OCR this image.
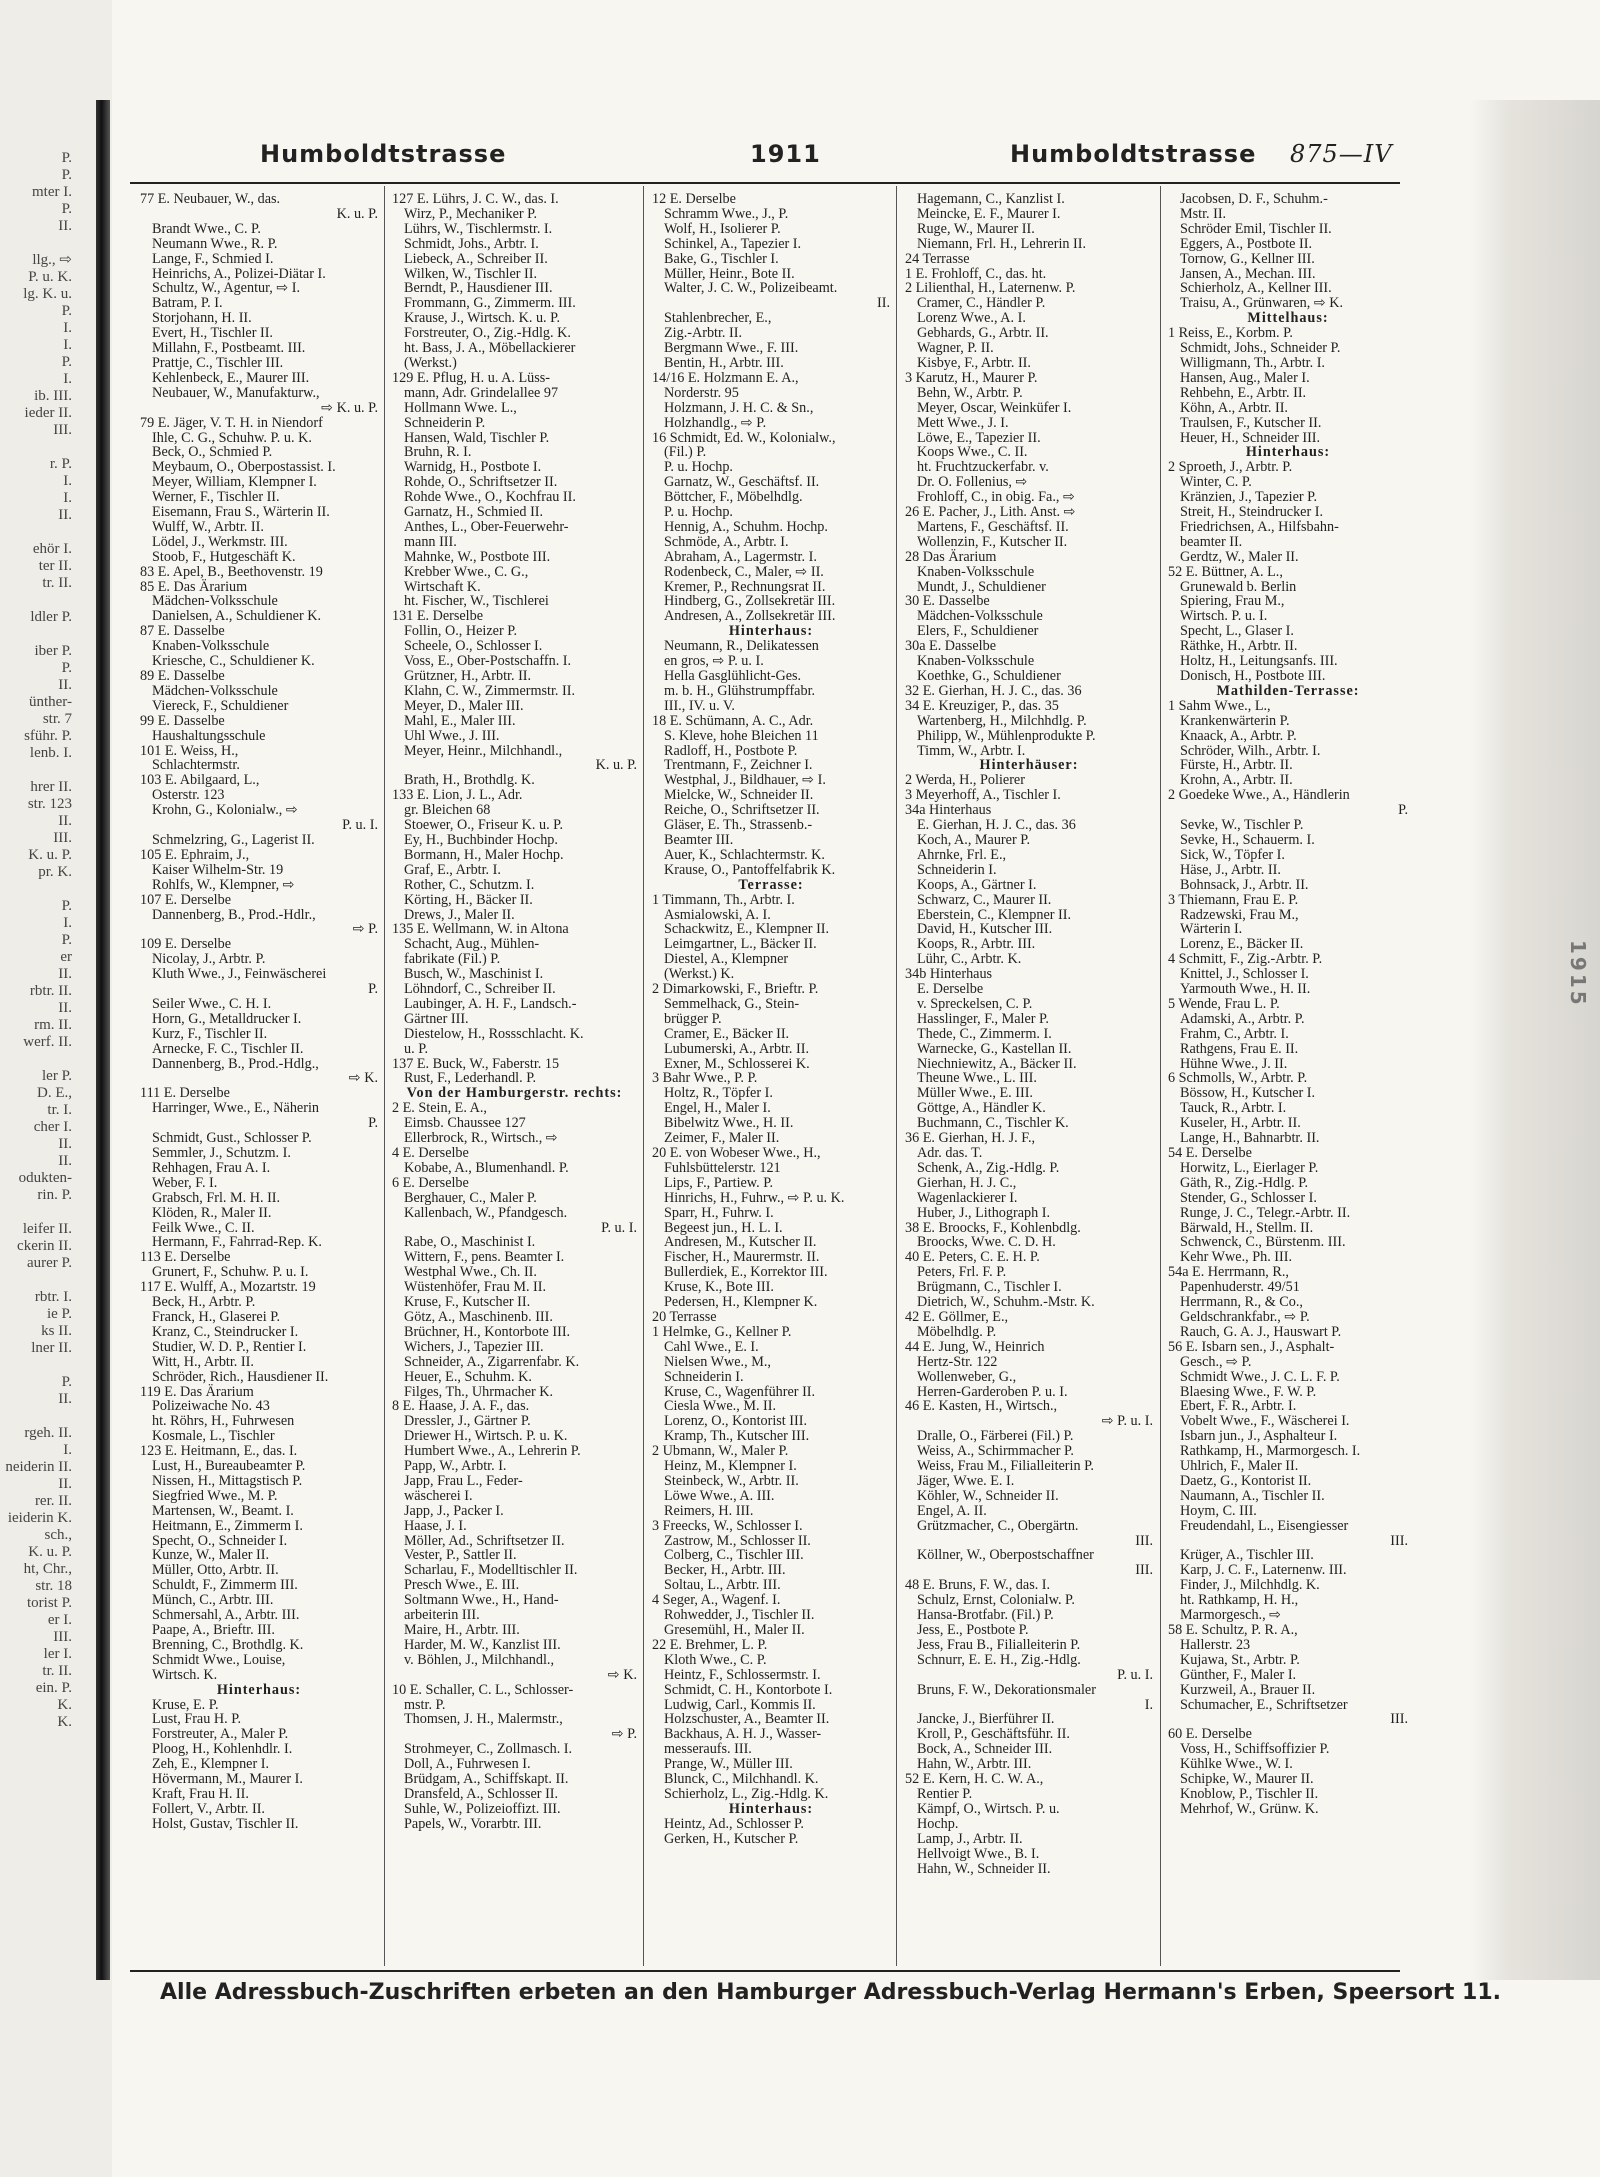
P.
P.
mter I.
P.
II.

llg., ⇨
P. u. K.
lg. K. u.
P.
I.
I.
P.
I.
ib. III.
ieder II.
III.

r. P.
I.
I.
II.

ehör I.
ter II.
tr. II.

ldler P.

iber P.
P.
II.
ünther-
str. 7
sführ. P.
lenb. I.

hrer II.
str. 123
II.
III.
K. u. P.
pr. K.

P.
I.
P.
er
II.
rbtr. II.
II.
rm. II.
werf. II.

ler P.
D. E.,
tr. I.
cher I.
II.
II.
odukten-
rin. P.

leifer II.
ckerin II.
aurer P.

rbtr. I.
ie P.
ks II.
lner II.

P.
II.

rgeh. II.
I.
neiderin II.
II.
rer. II.
ieiderin K.
sch.,
K. u. P.
ht, Chr.,
str. 18
torist P.
er I.
III.
ler I.
tr. II.
ein. P.
K.
K.
1915
Humboldtstrasse	1911	Humboldtstrasse 875—IV
77 E. Neubauer, W., das.
K. u. P.
Brandt Wwe., C. P.
Neumann Wwe., R. P.
Lange, F., Schmied I.
Heinrichs, A., Polizei-Diätar I.
Schultz, W., Agentur, ⇨ I.
Batram, P. I.
Storjohann, H. II.
Evert, H., Tischler II.
Millahn, F., Postbeamt. III.
Prattje, C., Tischler III.
Kehlenbeck, E., Maurer III.
Neubauer, W., Manufakturw.,
⇨ K. u. P.
79 E. Jäger, V. T. H. in Niendorf
Ihle, C. G., Schuhw. P. u. K.
Beck, O., Schmied P.
Meybaum, O., Oberpostassist. I.
Meyer, William, Klempner I.
Werner, F., Tischler II.
Eisemann, Frau S., Wärterin II.
Wulff, W., Arbtr. II.
Lödel, J., Werkmstr. III.
Stoob, F., Hutgeschäft K.
83 E. Apel, B., Beethovenstr. 19
85 E. Das Ärarium
Mädchen-Volksschule
Danielsen, A., Schuldiener K.
87 E. Dasselbe
Knaben-Volksschule
Kriesche, C., Schuldiener K.
89 E. Dasselbe
Mädchen-Volksschule
Viereck, F., Schuldiener
99 E. Dasselbe
Haushaltungsschule
101 E. Weiss, H.,
Schlachtermstr.
103 E. Abilgaard, L.,
Osterstr. 123
Krohn, G., Kolonialw., ⇨
P. u. I.
Schmelzring, G., Lagerist II.
105 E. Ephraim, J.,
Kaiser Wilhelm-Str. 19
Rohlfs, W., Klempner, ⇨
107 E. Derselbe
Dannenberg, B., Prod.-Hdlr.,
⇨ P.
109 E. Derselbe
Nicolay, J., Arbtr. P.
Kluth Wwe., J., Feinwäscherei
P.
Seiler Wwe., C. H. I.
Horn, G., Metalldrucker I.
Kurz, F., Tischler II.
Arnecke, F. C., Tischler II.
Dannenberg, B., Prod.-Hdlg.,
⇨ K.
111 E. Derselbe
Harringer, Wwe., E., Näherin
P.
Schmidt, Gust., Schlosser P.
Semmler, J., Schutzm. I.
Rehhagen, Frau A. I.
Weber, F. I.
Grabsch, Frl. M. H. II.
Klöden, R., Maler II.
Feilk Wwe., C. II.
Hermann, F., Fahrrad-Rep. K.
113 E. Derselbe
Grunert, F., Schuhw. P. u. I.
117 E. Wulff, A., Mozartstr. 19
Beck, H., Arbtr. P.
Franck, H., Glaserei P.
Kranz, C., Steindrucker I.
Studier, W. D. P., Rentier I.
Witt, H., Arbtr. II.
Schröder, Rich., Hausdiener II.
119 E. Das Ärarium
Polizeiwache No. 43
ht. Röhrs, H., Fuhrwesen
Kosmale, L., Tischler
123 E. Heitmann, E., das. I.
Lust, H., Bureaubeamter P.
Nissen, H., Mittagstisch P.
Siegfried Wwe., M. P.
Martensen, W., Beamt. I.
Heitmann, E., Zimmerm I.
Specht, O., Schneider I.
Kunze, W., Maler II.
Müller, Otto, Arbtr. II.
Schuldt, F., Zimmerm III.
Münch, C., Arbtr. III.
Schmersahl, A., Arbtr. III.
Paape, A., Brieftr. III.
Brenning, C., Brothdlg. K.
Schmidt Wwe., Louise,
Wirtsch. K.
Hinterhaus:
Kruse, E. P.
Lust, Frau H. P.
Forstreuter, A., Maler P.
Ploog, H., Kohlenhdlr. I.
Zeh, E., Klempner I.
Hövermann, M., Maurer I.
Kraft, Frau H. II.
Follert, V., Arbtr. II.
Holst, Gustav, Tischler II.
127 E. Lührs, J. C. W., das. I.
Wirz, P., Mechaniker P.
Lührs, W., Tischlermstr. I.
Schmidt, Johs., Arbtr. I.
Liebeck, A., Schreiber II.
Wilken, W., Tischler II.
Berndt, P., Hausdiener III.
Frommann, G., Zimmerm. III.
Krause, J., Wirtsch. K. u. P.
Forstreuter, O., Zig.-Hdlg. K.
ht. Bass, J. A., Möbellackierer
(Werkst.)
129 E. Pflug, H. u. A. Lüss-
mann, Adr. Grindelallee 97
Hollmann Wwe. L.,
Schneiderin P.
Hansen, Wald, Tischler P.
Bruhn, R. I.
Warnidg, H., Postbote I.
Rohde, O., Schriftsetzer II.
Rohde Wwe., O., Kochfrau II.
Garnatz, H., Schmied II.
Anthes, L., Ober-Feuerwehr-
mann III.
Mahnke, W., Postbote III.
Krebber Wwe., C. G.,
Wirtschaft K.
ht. Fischer, W., Tischlerei
131 E. Derselbe
Follin, O., Heizer P.
Scheele, O., Schlosser I.
Voss, E., Ober-Postschaffn. I.
Grützner, H., Arbtr. II.
Klahn, C. W., Zimmermstr. II.
Meyer, D., Maler III.
Mahl, E., Maler III.
Uhl Wwe., J. III.
Meyer, Heinr., Milchhandl.,
K. u. P.
Brath, H., Brothdlg. K.
133 E. Lion, J. L., Adr.
gr. Bleichen 68
Stoewer, O., Friseur K. u. P.
Ey, H., Buchbinder Hochp.
Bormann, H., Maler Hochp.
Graf, E., Arbtr. I.
Rother, C., Schutzm. I.
Körting, H., Bäcker II.
Drews, J., Maler II.
135 E. Wellmann, W. in Altona
Schacht, Aug., Mühlen-
fabrikate (Fil.) P.
Busch, W., Maschinist I.
Löhndorf, C., Schreiber II.
Laubinger, A. H. F., Landsch.-
Gärtner III.
Diestelow, H., Rossschlacht. K.
u. P.
137 E. Buck, W., Faberstr. 15
Rust, F., Lederhandl. P.
Von der Hamburgerstr. rechts:
2 E. Stein, E. A.,
Eimsb. Chaussee 127
Ellerbrock, R., Wirtsch., ⇨
4 E. Derselbe
Kobabe, A., Blumenhandl. P.
6 E. Derselbe
Berghauer, C., Maler P.
Kallenbach, W., Pfandgesch.
P. u. I.
Rabe, O., Maschinist I.
Wittern, F., pens. Beamter I.
Westphal Wwe., Ch. II.
Wüstenhöfer, Frau M. II.
Kruse, F., Kutscher II.
Götz, A., Maschinenb. III.
Brüchner, H., Kontorbote III.
Wichers, J., Tapezier III.
Schneider, A., Zigarrenfabr. K.
Heuer, E., Schuhm. K.
Filges, Th., Uhrmacher K.
8 E. Haase, J. A. F., das.
Dressler, J., Gärtner P.
Driewer H., Wirtsch. P. u. K.
Humbert Wwe., A., Lehrerin P.
Papp, W., Arbtr. I.
Japp, Frau L., Feder-
wäscherei I.
Japp, J., Packer I.
Haase, J. I.
Möller, Ad., Schriftsetzer II.
Vester, P., Sattler II.
Scharlau, F., Modelltischler II.
Presch Wwe., E. III.
Soltmann Wwe., H., Hand-
arbeiterin III.
Maire, H., Arbtr. III.
Harder, M. W., Kanzlist III.
v. Böhlen, J., Milchhandl.,
⇨ K.
10 E. Schaller, C. L., Schlosser-
mstr. P.
Thomsen, J. H., Malermstr.,
⇨ P.
Strohmeyer, C., Zollmasch. I.
Doll, A., Fuhrwesen I.
Brüdgam, A., Schiffskapt. II.
Dransfeld, A., Schlosser II.
Suhle, W., Polizeioffizt. III.
Papels, W., Vorarbtr. III.
12 E. Derselbe
Schramm Wwe., J., P.
Wolf, H., Isolierer P.
Schinkel, A., Tapezier I.
Bake, G., Tischler I.
Müller, Heinr., Bote II.
Walter, J. C. W., Polizeibeamt.
II.
Stahlenbrecher, E.,
Zig.-Arbtr. II.
Bergmann Wwe., F. III.
Bentin, H., Arbtr. III.
14/16 E. Holzmann E. A.,
Norderstr. 95
Holzmann, J. H. C. & Sn.,
Holzhandlg., ⇨ P.
16 Schmidt, Ed. W., Kolonialw.,
(Fil.) P.
P. u. Hochp.
Garnatz, W., Geschäftsf. II.
Böttcher, F., Möbelhdlg.
P. u. Hochp.
Hennig, A., Schuhm. Hochp.
Schmöde, A., Arbtr. I.
Abraham, A., Lagermstr. I.
Rodenbeck, C., Maler, ⇨ II.
Kremer, P., Rechnungsrat II.
Hindberg, G., Zollsekretär III.
Andresen, A., Zollsekretär III.
Hinterhaus:
Neumann, R., Delikatessen
en gros, ⇨ P. u. I.
Hella Gasglühlicht-Ges.
m. b. H., Glühstrumpffabr.
III., IV. u. V.
18 E. Schümann, A. C., Adr.
S. Kleve, hohe Bleichen 11
Radloff, H., Postbote P.
Trentmann, F., Zeichner I.
Westphal, J., Bildhauer, ⇨ I.
Mielcke, W., Schneider II.
Reiche, O., Schriftsetzer II.
Gläser, E. Th., Strassenb.-
Beamter III.
Auer, K., Schlachtermstr. K.
Krause, O., Pantoffelfabrik K.
Terrasse:
1 Timmann, Th., Arbtr. I.
Asmialowski, A. I.
Schackwitz, E., Klempner II.
Leimgartner, L., Bäcker II.
Diestel, A., Klempner
(Werkst.) K.
2 Dimarkowski, F., Brieftr. P.
Semmelhack, G., Stein-
brügger P.
Cramer, E., Bäcker II.
Lubumerski, A., Arbtr. II.
Exner, M., Schlosserei K.
3 Bahr Wwe., P. P.
Holtz, R., Töpfer I.
Engel, H., Maler I.
Bibelwitz Wwe., H. II.
Zeimer, F., Maler II.
20 E. von Wobeser Wwe., H.,
Fuhlsbüttelerstr. 121
Lips, F., Partiew. P.
Hinrichs, H., Fuhrw., ⇨ P. u. K.
Sparr, H., Fuhrw. I.
Begeest jun., H. L. I.
Andresen, M., Kutscher II.
Fischer, H., Maurermstr. II.
Bullerdiek, E., Korrektor III.
Kruse, K., Bote III.
Pedersen, H., Klempner K.
20 Terrasse
1 Helmke, G., Kellner P.
Cahl Wwe., E. I.
Nielsen Wwe., M.,
Schneiderin I.
Kruse, C., Wagenführer II.
Ciesla Wwe., M. II.
Lorenz, O., Kontorist III.
Kramp, Th., Kutscher III.
2 Ubmann, W., Maler P.
Heinz, M., Klempner I.
Steinbeck, W., Arbtr. II.
Löwe Wwe., A. III.
Reimers, H. III.
3 Freecks, W., Schlosser I.
Zastrow, M., Schlosser II.
Colberg, C., Tischler III.
Becker, H., Arbtr. III.
Soltau, L., Arbtr. III.
4 Seger, A., Wagenf. I.
Rohwedder, J., Tischler II.
Gresemühl, H., Maler II.
22 E. Brehmer, L. P.
Kloth Wwe., C. P.
Heintz, F., Schlossermstr. I.
Schmidt, C. H., Kontorbote I.
Ludwig, Carl., Kommis II.
Holzschuster, A., Beamter II.
Backhaus, A. H. J., Wasser-
messeraufs. III.
Prange, W., Müller III.
Blunck, C., Milchhandl. K.
Schierholz, L., Zig.-Hdlg. K.
Hinterhaus:
Heintz, Ad., Schlosser P.
Gerken, H., Kutscher P.
Hagemann, C., Kanzlist I.
Meincke, E. F., Maurer I.
Ruge, W., Maurer II.
Niemann, Frl. H., Lehrerin II.
24 Terrasse
1 E. Frohloff, C., das. ht.
2 Lilienthal, H., Laternenw. P.
Cramer, C., Händler P.
Lorenz Wwe., A. I.
Gebhards, G., Arbtr. II.
Wagner, P. II.
Kisbye, F., Arbtr. II.
3 Karutz, H., Maurer P.
Behn, W., Arbtr. P.
Meyer, Oscar, Weinküfer I.
Mett Wwe., J. I.
Löwe, E., Tapezier II.
Koops Wwe., C. II.
ht. Fruchtzuckerfabr. v.
Dr. O. Follenius, ⇨
Frohloff, C., in obig. Fa., ⇨
26 E. Pacher, J., Lith. Anst. ⇨
Martens, F., Geschäftsf. II.
Wollenzin, F., Kutscher II.
28 Das Ärarium
Knaben-Volksschule
Mundt, J., Schuldiener
30 E. Dasselbe
Mädchen-Volksschule
Elers, F., Schuldiener
30a E. Dasselbe
Knaben-Volksschule
Koethke, G., Schuldiener
32 E. Gierhan, H. J. C., das. 36
34 E. Kreuziger, P., das. 35
Wartenberg, H., Milchhdlg. P.
Philipp, W., Mühlenprodukte P.
Timm, W., Arbtr. I.
Hinterhäuser:
2 Werda, H., Polierer
3 Meyerhoff, A., Tischler I.
34a Hinterhaus
E. Gierhan, H. J. C., das. 36
Koch, A., Maurer P.
Ahrnke, Frl. E.,
Schneiderin I.
Koops, A., Gärtner I.
Schwarz, C., Maurer II.
Eberstein, C., Klempner II.
David, H., Kutscher III.
Koops, R., Arbtr. III.
Lühr, C., Arbtr. K.
34b Hinterhaus
E. Derselbe
v. Spreckelsen, C. P.
Hasslinger, F., Maler P.
Thede, C., Zimmerm. I.
Warnecke, G., Kastellan II.
Niechniewitz, A., Bäcker II.
Theune Wwe., L. III.
Müller Wwe., E. III.
Göttge, A., Händler K.
Buchmann, C., Tischler K.
36 E. Gierhan, H. J. F.,
Adr. das. T.
Schenk, A., Zig.-Hdlg. P.
Gierhan, H. J. C.,
Wagenlackierer I.
Huber, J., Lithograph I.
38 E. Broocks, F., Kohlenbdlg.
Broocks, Wwe. C. D. H.
40 E. Peters, C. E. H. P.
Peters, Frl. F. P.
Brügmann, C., Tischler I.
Dietrich, W., Schuhm.-Mstr. K.
42 E. Göllmer, E.,
Möbelhdlg. P.
44 E. Jung, W., Heinrich
Hertz-Str. 122
Wollenweber, G.,
Herren-Garderoben P. u. I.
46 E. Kasten, H., Wirtsch.,
⇨ P. u. I.
Dralle, O., Färberei (Fil.) P.
Weiss, A., Schirmmacher P.
Weiss, Frau M., Filialleiterin P.
Jäger, Wwe. E. I.
Köhler, W., Schneider II.
Engel, A. II.
Grützmacher, C., Obergärtn.
III.
Köllner, W., Oberpostschaffner
III.
48 E. Bruns, F. W., das. I.
Schulz, Ernst, Colonialw. P.
Hansa-Brotfabr. (Fil.) P.
Jess, E., Postbote P.
Jess, Frau B., Filialleiterin P.
Schnurr, E. E. H., Zig.-Hdlg.
P. u. I.
Bruns, F. W., Dekorationsmaler
I.
Jancke, J., Bierführer II.
Kroll, P., Geschäftsführ. II.
Bock, A., Schneider III.
Hahn, W., Arbtr. III.
52 E. Kern, H. C. W. A.,
Rentier P.
Kämpf, O., Wirtsch. P. u.
Hochp.
Lamp, J., Arbtr. II.
Hellvoigt Wwe., B. I.
Hahn, W., Schneider II.
Jacobsen, D. F., Schuhm.-
Mstr. II.
Schröder Emil, Tischler II.
Eggers, A., Postbote II.
Tornow, G., Kellner III.
Jansen, A., Mechan. III.
Schierholz, A., Kellner III.
Traisu, A., Grünwaren, ⇨ K.
Mittelhaus:
1 Reiss, E., Korbm. P.
Schmidt, Johs., Schneider P.
Willigmann, Th., Arbtr. I.
Hansen, Aug., Maler I.
Rehbehn, E., Arbtr. II.
Köhn, A., Arbtr. II.
Traulsen, F., Kutscher II.
Heuer, H., Schneider III.
Hinterhaus:
2 Sproeth, J., Arbtr. P.
Winter, C. P.
Kränzien, J., Tapezier P.
Streit, H., Steindrucker I.
Friedrichsen, A., Hilfsbahn-
beamter II.
Gerdtz, W., Maler II.
52 E. Büttner, A. L.,
Grunewald b. Berlin
Spiering, Frau M.,
Wirtsch. P. u. I.
Specht, L., Glaser I.
Räthke, H., Arbtr. II.
Holtz, H., Leitungsanfs. III.
Donisch, H., Postbote III.
Mathilden-Terrasse:
1 Sahm Wwe., L.,
Krankenwärterin P.
Knaack, A., Arbtr. P.
Schröder, Wilh., Arbtr. I.
Fürste, H., Arbtr. II.
Krohn, A., Arbtr. II.
2 Goedeke Wwe., A., Händlerin
P.
Sevke, W., Tischler P.
Sevke, H., Schauerm. I.
Sick, W., Töpfer I.
Häse, J., Arbtr. II.
Bohnsack, J., Arbtr. II.
3 Thiemann, Frau E. P.
Radzewski, Frau M.,
Wärterin I.
Lorenz, E., Bäcker II.
4 Schmitt, F., Zig.-Arbtr. P.
Knittel, J., Schlosser I.
Yarmouth Wwe., H. II.
5 Wende, Frau L. P.
Adamski, A., Arbtr. P.
Frahm, C., Arbtr. I.
Rathgens, Frau E. II.
Hühne Wwe., J. II.
6 Schmolls, W., Arbtr. P.
Bössow, H., Kutscher I.
Tauck, R., Arbtr. I.
Kuseler, H., Arbtr. II.
Lange, H., Bahnarbtr. II.
54 E. Derselbe
Horwitz, L., Eierlager P.
Gäth, R., Zig.-Hdlg. P.
Stender, G., Schlosser I.
Runge, J. C., Telegr.-Arbtr. II.
Bärwald, H., Stellm. II.
Schwenck, C., Bürstenm. III.
Kehr Wwe., Ph. III.
54a E. Herrmann, R.,
Papenhuderstr. 49/51
Herrmann, R., & Co.,
Geldschrankfabr., ⇨ P.
Rauch, G. A. J., Hauswart P.
56 E. Isbarn sen., J., Asphalt-
Gesch., ⇨ P.
Schmidt Wwe., J. C. L. F. P.
Blaesing Wwe., F. W. P.
Ebert, F. R., Arbtr. I.
Vobelt Wwe., F., Wäscherei I.
Isbarn jun., J., Asphalteur I.
Rathkamp, H., Marmorgesch. I.
Uhlrich, F., Maler II.
Daetz, G., Kontorist II.
Naumann, A., Tischler II.
Hoym, C. III.
Freudendahl, L., Eisengiesser
III.
Krüger, A., Tischler III.
Karp, J. C. F., Laternenw. III.
Finder, J., Milchhdlg. K.
ht. Rathkamp, H. H.,
Marmorgesch., ⇨
58 E. Schultz, P. R. A.,
Hallerstr. 23
Kujawa, St., Arbtr. P.
Günther, F., Maler I.
Kurzweil, A., Brauer II.
Schumacher, E., Schriftsetzer
III.
60 E. Derselbe
Voss, H., Schiffsoffizier P.
Kühlke Wwe., W. I.
Schipke, W., Maurer II.
Knoblow, P., Tischler II.
Mehrhof, W., Grünw. K.
Alle Adressbuch-Zuschriften erbeten an den Hamburger Adressbuch-Verlag Hermann's Erben, Speersort 11.
